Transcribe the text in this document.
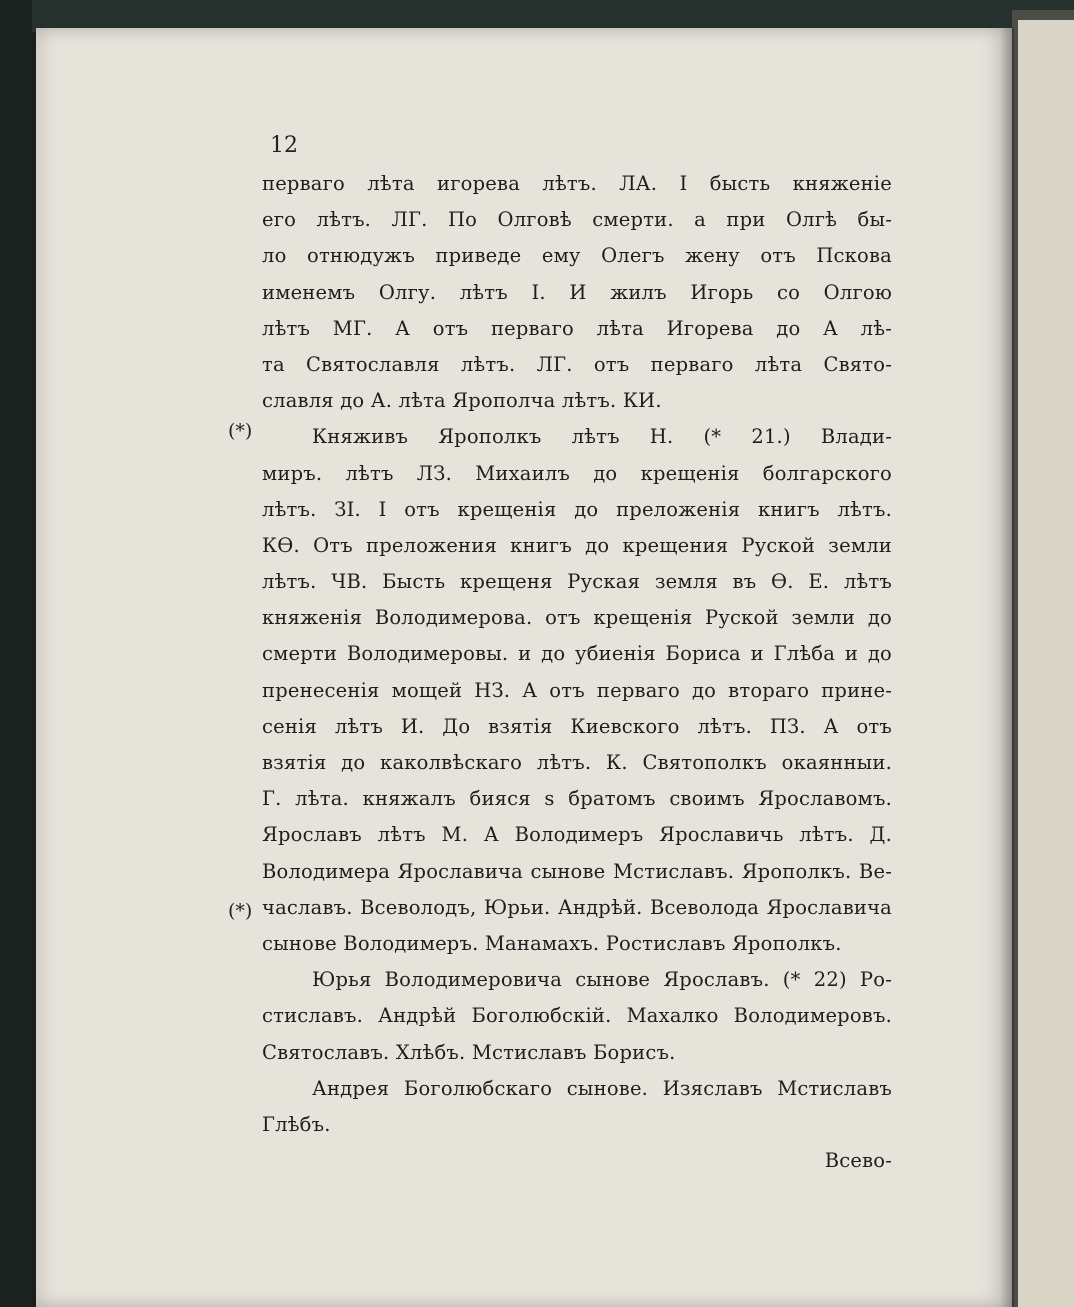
12
(*)
(*)
перваго лѣта игорева лѣтъ. ЛА. І бысть княженіе
его лѣтъ. ЛГ. По Олговѣ смерти. а при Олгѣ бы-
ло отнюдужъ приведе ему Олегъ жену отъ Пскова
именемъ Олгу. лѣтъ І. И жилъ Игорь со Олгою
лѣтъ МГ. А отъ перваго лѣта Игорева до А лѣ-
та Святославля лѣтъ. ЛГ. отъ перваго лѣта Свято-
славля до А. лѣта Ярополча лѣтъ. КИ.
Княживъ Ярополкъ лѣтъ Н. (* 21.) Влади-
миръ. лѣтъ ЛЗ. Михаилъ до крещенія болгарского
лѣтъ. ЗІ. І отъ крещенія до преложенія книгъ лѣтъ.
КѲ. Отъ преложения книгъ до крещения Руской земли
лѣтъ. ЧВ. Бысть крещеня Руская земля въ Ѳ. Е. лѣтъ
княженія Володимерова. отъ крещенія Руской земли до
смерти Володимеровы. и до убиенія Бориса и Глѣба и до
пренесенія мощей НЗ. А отъ перваго до втораго прине-
сенія лѣтъ И. До взятія Киевского лѣтъ. ПЗ. А отъ
взятія до каколвѣскаго лѣтъ. К. Святополкъ окаянныи.
Г. лѣта. княжалъ бияся ѕ братомъ своимъ Ярославомъ.
Ярославъ лѣтъ М. А Володимеръ Ярославичь лѣтъ. Д.
Володимера Ярославича сынове Мстиславъ. Ярополкъ. Ве-
чаславъ. Всеволодъ, Юрьи. Андрѣй. Всеволода Ярославича
сынове Володимеръ. Манамахъ. Ростиславъ Ярополкъ.
Юрья Володимеровича сынове Ярославъ. (* 22) Ро-
стиславъ. Андрѣй Боголюбскій. Махалко Володимеровъ.
Святославъ. Хлѣбъ. Мстиславъ Борисъ.
Андрея Боголюбскаго сынове. Изяславъ Мстиславъ
Глѣбъ.
Всево-
